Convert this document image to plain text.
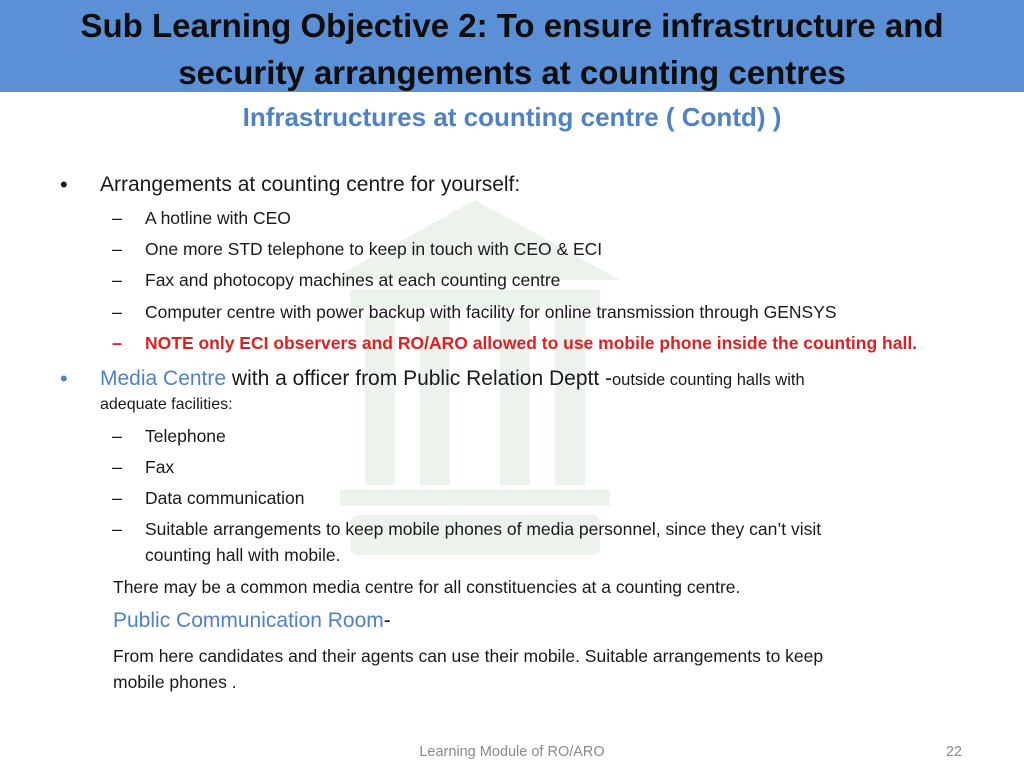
Sub Learning Objective 2: To ensure infrastructure and
security arrangements at counting centres
Infrastructures at counting centre ( Contd) )
• Arrangements at counting centre for yourself:
– A hotline with CEO
– One more STD telephone to keep in touch with CEO & ECI
– Fax and photocopy machines at each counting centre
– Computer centre with power backup with facility for online transmission through GENSYS
– NOTE only ECI observers and RO/ARO allowed to use mobile phone inside the counting hall.
• Media Centre with a officer from Public Relation Deptt -outside counting halls with
adequate facilities:
– Telephone
– Fax
– Data communication
– Suitable arrangements to keep mobile phones of media personnel, since they can’t visit
counting hall with mobile.
There may be a common media centre for all constituencies at a counting centre.
Public Communication Room-
From here candidates and their agents can use their mobile. Suitable arrangements to keep
mobile phones .
Learning Module of RO/ARO	22
